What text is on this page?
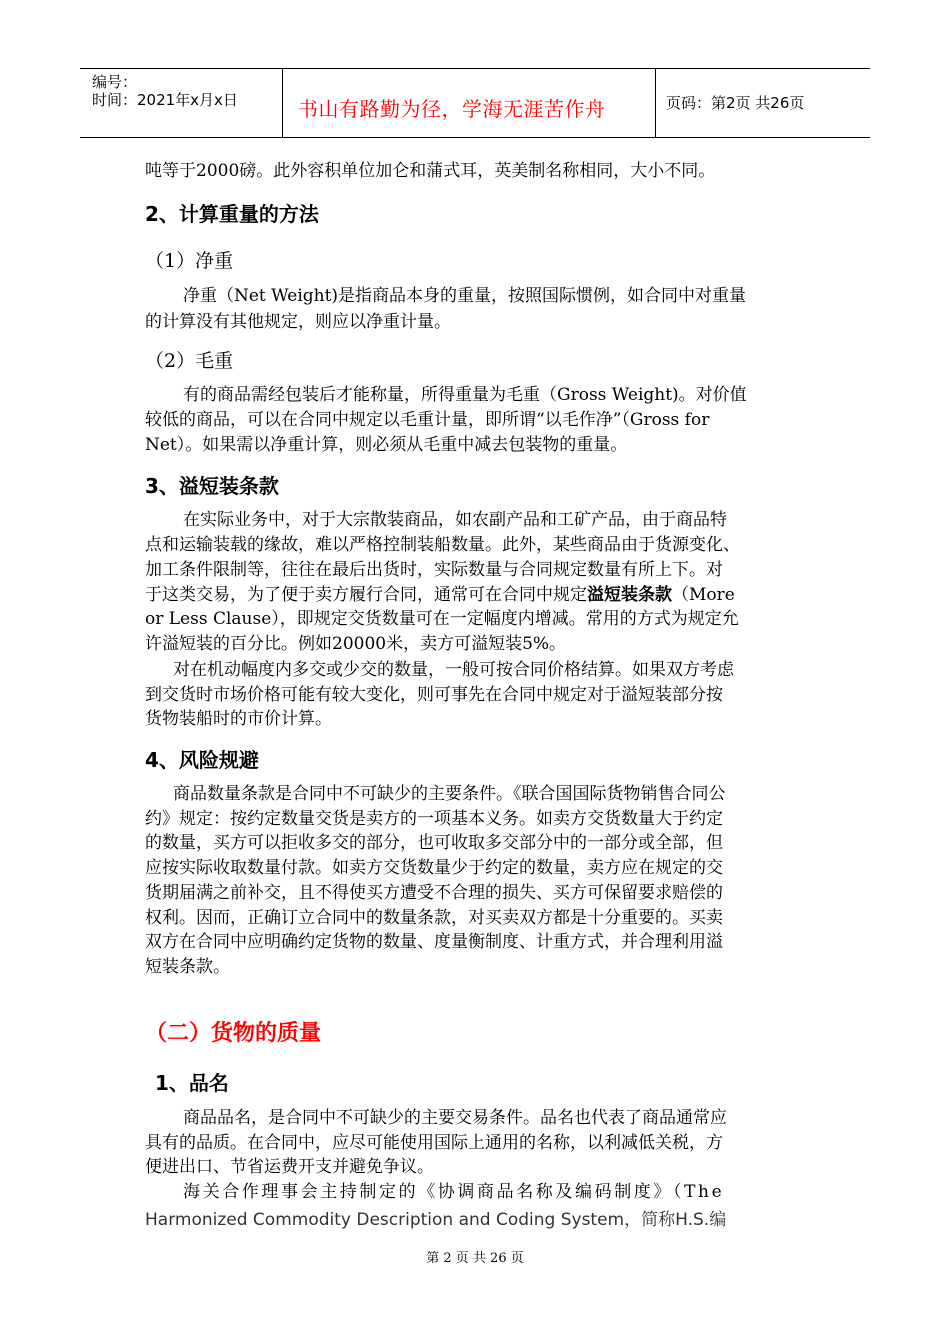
编号：
时间：2021年x月x日	书山有路勤为径，学海无涯苦作舟	页码：第2页 共26页
吨等于2000磅。此外容积单位加仑和蒲式耳，英美制名称相同，大小不同。
2、计算重量的方法
（1）净重
净重（Net Weight)是指商品本身的重量，按照国际惯例，如合同中对重量
的计算没有其他规定，则应以净重计量。
（2）毛重
有的商品需经包装后才能称量，所得重量为毛重（Gross Weight)。对价值
较低的商品，可以在合同中规定以毛重计量，即所谓“以毛作净”（Gross for
Net）。如果需以净重计算，则必须从毛重中减去包装物的重量。
3、溢短装条款
在实际业务中，对于大宗散装商品，如农副产品和工矿产品，由于商品特
点和运输装载的缘故，难以严格控制装船数量。此外，某些商品由于货源变化、
加工条件限制等，往往在最后出货时，实际数量与合同规定数量有所上下。对
于这类交易，为了便于卖方履行合同，通常可在合同中规定溢短装条款（More
or Less Clause），即规定交货数量可在一定幅度内增减。常用的方式为规定允
许溢短装的百分比。例如20000米，卖方可溢短装5%。
对在机动幅度内多交或少交的数量，一般可按合同价格结算。如果双方考虑
到交货时市场价格可能有较大变化，则可事先在合同中规定对于溢短装部分按
货物装船时的市价计算。
4、风险规避
商品数量条款是合同中不可缺少的主要条件。《联合国国际货物销售合同公
约》规定：按约定数量交货是卖方的一项基本义务。如卖方交货数量大于约定
的数量，买方可以拒收多交的部分，也可收取多交部分中的一部分或全部，但
应按实际收取数量付款。如卖方交货数量少于约定的数量，卖方应在规定的交
货期届满之前补交，且不得使买方遭受不合理的损失、买方可保留要求赔偿的
权利。因而，正确订立合同中的数量条款，对买卖双方都是十分重要的。买卖
双方在合同中应明确约定货物的数量、度量衡制度、计重方式，并合理利用溢
短装条款。
（二）货物的质量
1、品名
商品品名，是合同中不可缺少的主要交易条件。品名也代表了商品通常应
具有的品质。在合同中，应尽可能使用国际上通用的名称，以利减低关税，方
便进出口、节省运费开支并避免争议。
海关合作理事会主持制定的《协调商品名称及编码制度》（The
Harmonized Commodity Description and Coding System，简称H.S.编
第 2 页 共 26 页
